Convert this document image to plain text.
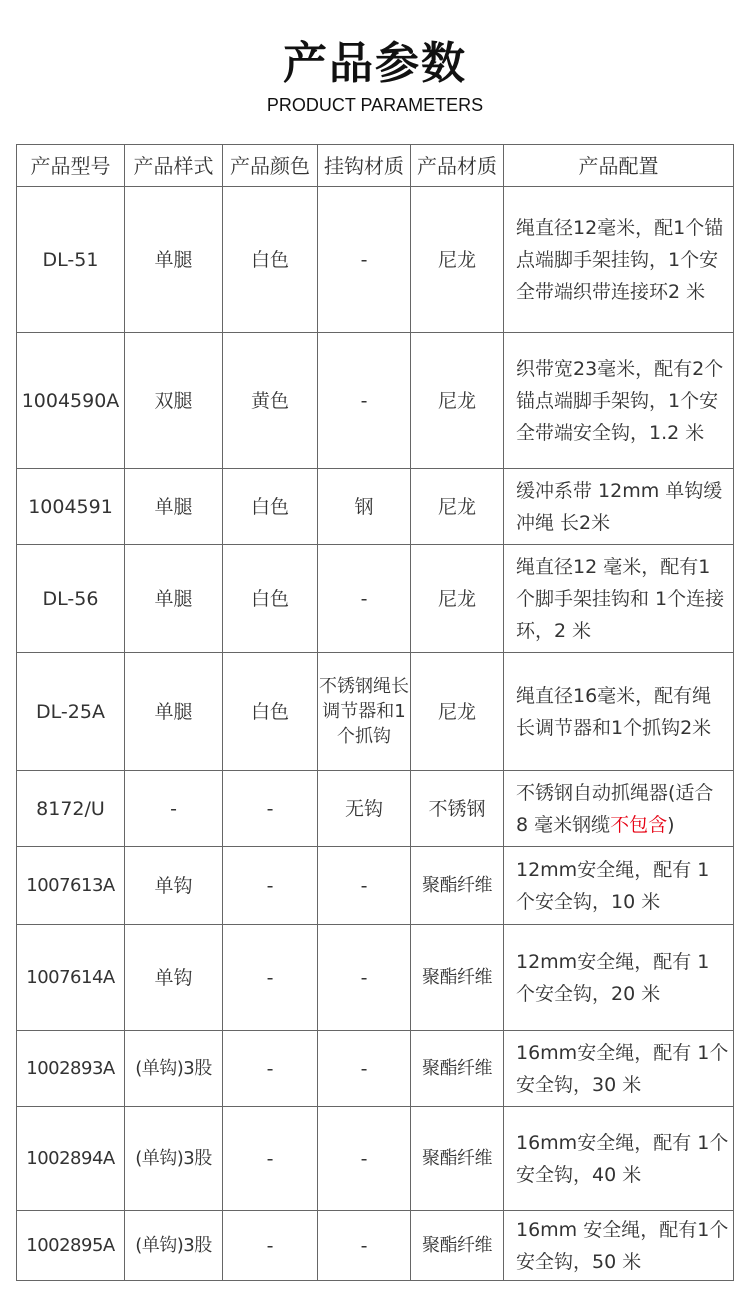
产品参数
PRODUCT PARAMETERS
产品型号	产品样式	产品颜色	挂钩材质	产品材质	产品配置
DL-51	单腿	白色	-	尼龙	绳直径12毫米，配1个锚点端脚手架挂钩，1个安全带端织带连接环2 米
1004590A	双腿	黄色	-	尼龙	织带宽23毫米，配有2个锚点端脚手架钩，1个安全带端安全钩，1.2 米
1004591	单腿	白色	钢	尼龙	缓冲系带 12mm 单钩缓冲绳 长2米
DL-56	单腿	白色	-	尼龙	绳直径12 毫米，配有1 个脚手架挂钩和 1个连接环，2 米
DL-25A	单腿	白色	不锈钢绳长调节器和1个抓钩	尼龙	绳直径16毫米，配有绳长调节器和1个抓钩2米
8172/U	-	-	无钩	不锈钢	不锈钢自动抓绳器(适合 8 毫米钢缆不包含)
1007613A	单钩	-	-	聚酯纤维	12mm安全绳，配有 1 个安全钩，10 米
1007614A	单钩	-	-	聚酯纤维	12mm安全绳，配有 1 个安全钩，20 米
1002893A	(单钩)3股	-	-	聚酯纤维	16mm安全绳，配有 1个安全钩，30 米
1002894A	(单钩)3股	-	-	聚酯纤维	16mm安全绳，配有 1个安全钩，40 米
1002895A	(单钩)3股	-	-	聚酯纤维	16mm 安全绳，配有1个安全钩，50 米
